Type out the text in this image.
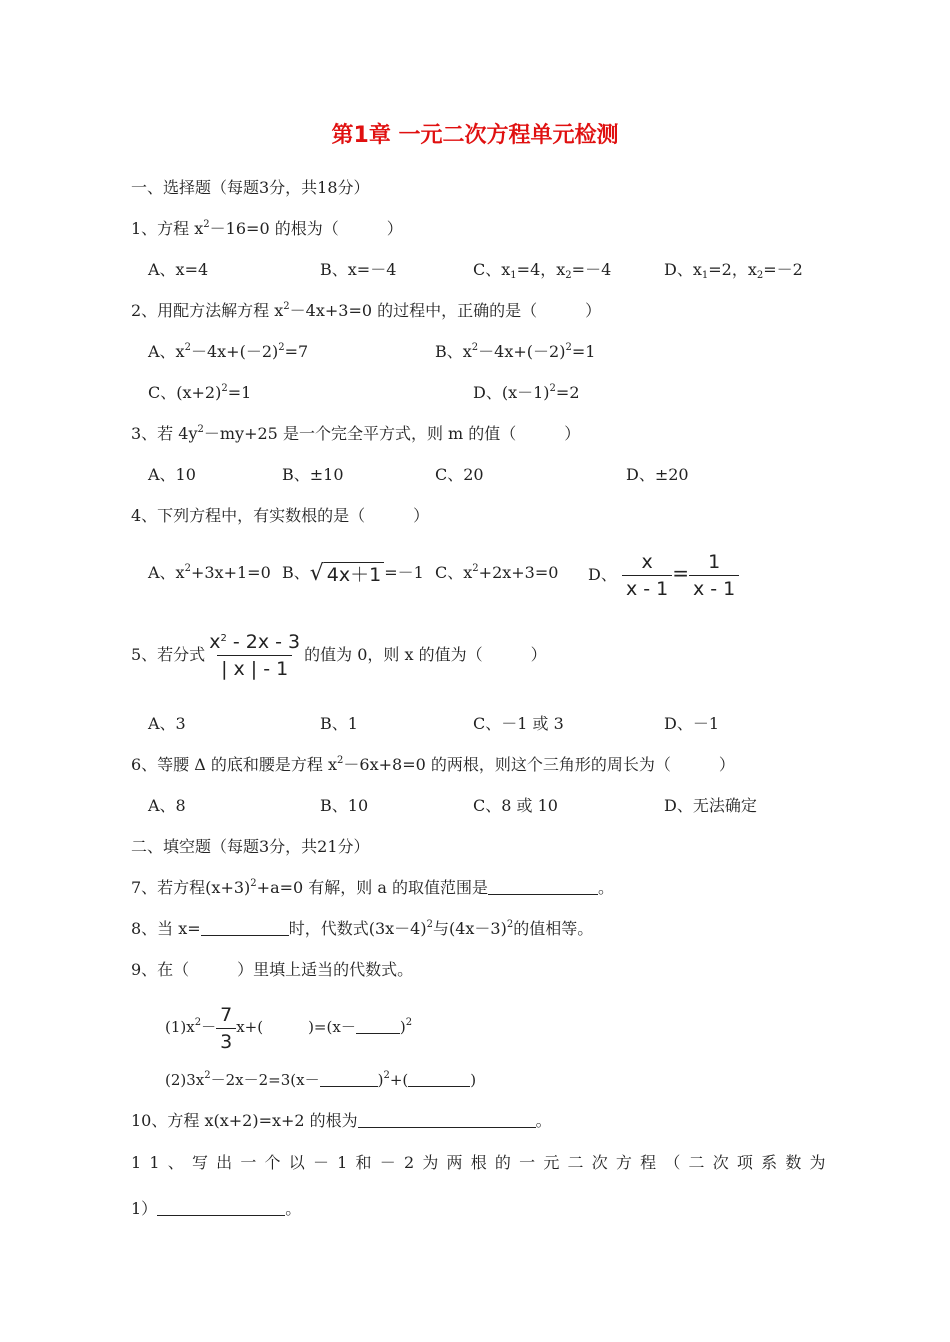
第1章 一元二次方程单元检测
一、选择题（每题3分，共18分）
1、方程 $x^2-16=0$ 的根为（　　　）
A、x=4	B、x=－4	C、$x_1=4$，$x_2=-4$	D、$x_1=2$，$x_2=-2$
2、用配方法解方程 $x^2-4x+3=0$ 的过程中，正确的是（　　　）
A、$x^2-4x+(-2)^2=7$	B、$x^2-4x+(-2)^2=1$
C、$(x+2)^2=1$	D、$(x-1)^2=2$
3、若 $4y^2-my+25$ 是一个完全平方式，则 m 的值（　　　）
A、10	B、±10	C、20	D、±20
4、下列方程中，有实数根的是（　　　）
A、$x^2+3x+1=0$ B、 √ 4x＋1 =－1 C、$x^2+2x+3=0$ D、 $\frac{x}{x - 1} = \frac{1}{x - 1}$
5、若分式 $\frac{x^2 - 2x - 3}{| x | - 1}$ 的值为 0，则 x 的值为（　　　）
A、3	B、1	C、－1 或 3	D、－1
6、等腰 Δ 的底和腰是方程 $x^2-6x+8=0$ 的两根，则这个三角形的周长为（　　　）
A、8	B、10	C、8 或 10	D、无法确定
二、填空题（每题3分，共21分）
7、若方程$(x+3)^2+a=0$ 有解，则 a 的取值范围是	。
8、当 x=	时，代数式$(3x-4)^2$与$(4x-3)^2$的值相等。
9、在（　　　）里填上适当的代数式。
$(1)x^2- \frac{7}{3} x+$(　　　)=(x－	)$^2$
$(2)3x^2-2x-2=3(x-$	)$^2$+(	)
10、方程 x(x+2)=x+2 的根为	。
11、写出一个以－1和－2为两根的一元二次方程（二次项系数为
1）	。
